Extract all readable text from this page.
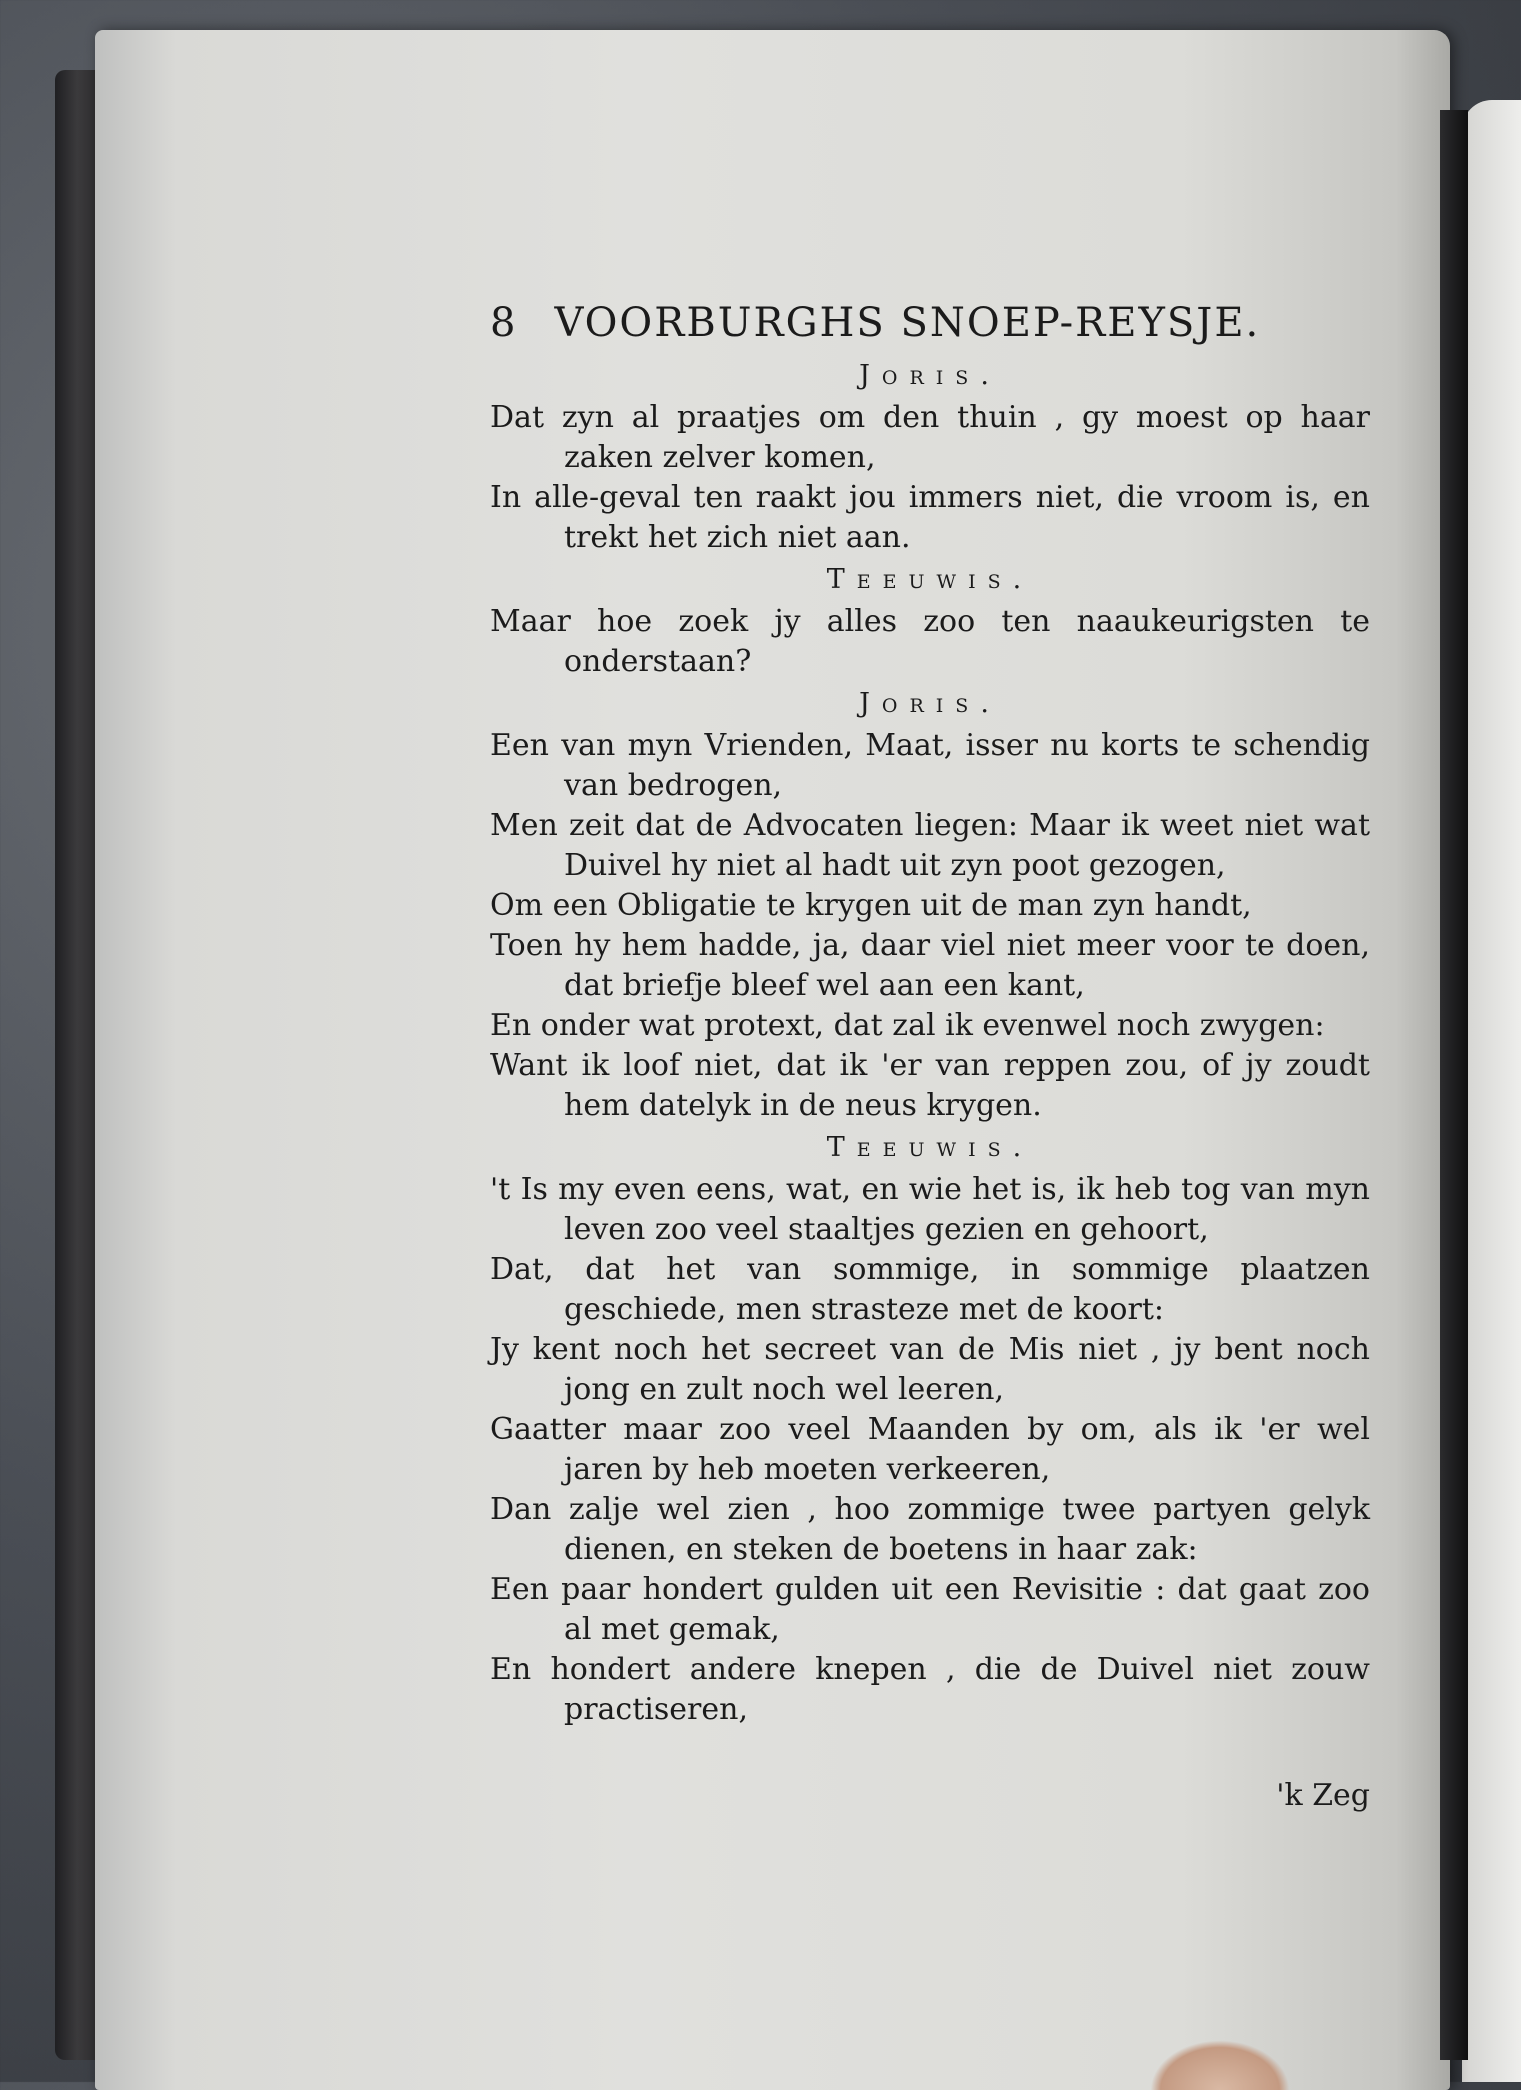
8 VOORBURGHS SNOEP-REYSJE.

Joris.

Dat zyn al praatjes om den thuin , gy moest op haar zaken zelver komen,

In alle-geval ten raakt jou immers niet, die vroom is, en trekt het zich niet aan.

Teeuwis.

Maar hoe zoek jy alles zoo ten naaukeurigsten te onderstaan?

Joris.

Een van myn Vrienden, Maat, isser nu korts te schendig van bedrogen,

Men zeit dat de Advocaten liegen: Maar ik weet niet wat Duivel hy niet al hadt uit zyn poot gezogen,

Om een Obligatie te krygen uit de man zyn handt,

Toen hy hem hadde, ja, daar viel niet meer voor te doen, dat briefje bleef wel aan een kant,

En onder wat protext, dat zal ik evenwel noch zwygen:

Want ik loof niet, dat ik 'er van reppen zou, of jy zoudt hem datelyk in de neus krygen.

Teeuwis.

't Is my even eens, wat, en wie het is, ik heb tog van myn leven zoo veel staaltjes gezien en gehoort,

Dat, dat het van sommige, in sommige plaatzen geschiede, men strasteze met de koort:

Jy kent noch het secreet van de Mis niet , jy bent noch jong en zult noch wel leeren,

Gaatter maar zoo veel Maanden by om, als ik 'er wel jaren by heb moeten verkeeren,

Dan zalje wel zien , hoo zommige twee partyen gelyk dienen, en steken de boetens in haar zak:

Een paar hondert gulden uit een Revisitie : dat gaat zoo al met gemak,

En hondert andere knepen , die de Duivel niet zouw practiseren,

'k Zeg
